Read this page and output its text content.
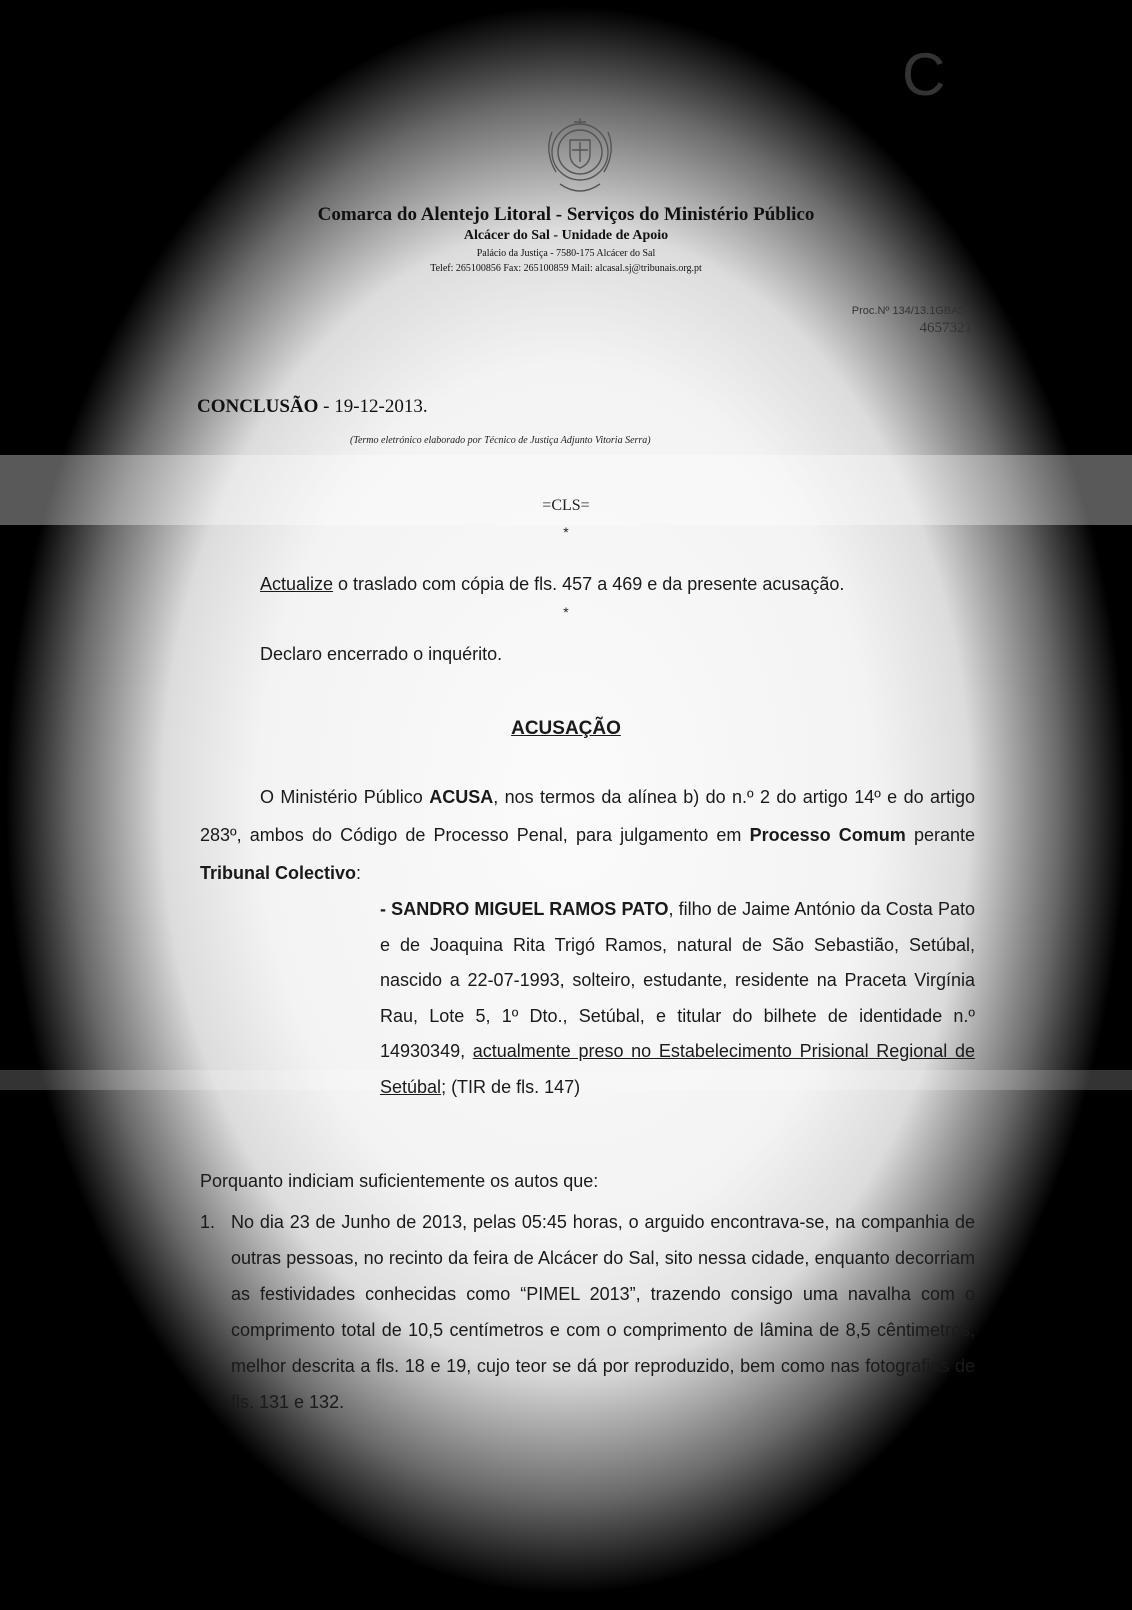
C
Comarca do Alentejo Litoral - Serviços do Ministério Público
Alcácer do Sal - Unidade de Apoio
Palácio da Justiça - 7580-175 Alcácer do Sal
Telef: 265100856 Fax: 265100859 Mail: alcasal.sj@tribunais.org.pt
Proc.Nº 134/13.1GBASL
4657321
CONCLUSÃO - 19-12-2013.
(Termo eletrónico elaborado por Técnico de Justiça Adjunto Vitoria Serra)
=CLS=
*
Actualize o traslado com cópia de fls. 457 a 469 e da presente acusação.
*
Declaro encerrado o inquérito.
ACUSAÇÃO
O Ministério Público ACUSA, nos termos da alínea b) do n.º 2 do artigo 14º e do artigo 283º, ambos do Código de Processo Penal, para julgamento em Processo Comum perante Tribunal Colectivo:
- SANDRO MIGUEL RAMOS PATO, filho de Jaime António da Costa Pato e de Joaquina Rita Trigó Ramos, natural de São Sebastião, Setúbal, nascido a 22-07-1993, solteiro, estudante, residente na Praceta Virgínia Rau, Lote 5, 1º Dto., Setúbal, e titular do bilhete de identidade n.º 14930349, actualmente preso no Estabelecimento Prisional Regional de Setúbal; (TIR de fls. 147)
Porquanto indiciam suficientemente os autos que:
1. No dia 23 de Junho de 2013, pelas 05:45 horas, o arguido encontrava-se, na companhia de outras pessoas, no recinto da feira de Alcácer do Sal, sito nessa cidade, enquanto decorriam as festividades conhecidas como “PIMEL 2013”, trazendo consigo uma navalha com o comprimento total de 10,5 centímetros e com o comprimento de lâmina de 8,5 cêntimetros, melhor descrita a fls. 18 e 19, cujo teor se dá por reproduzido, bem como nas fotografias de fls. 131 e 132.
